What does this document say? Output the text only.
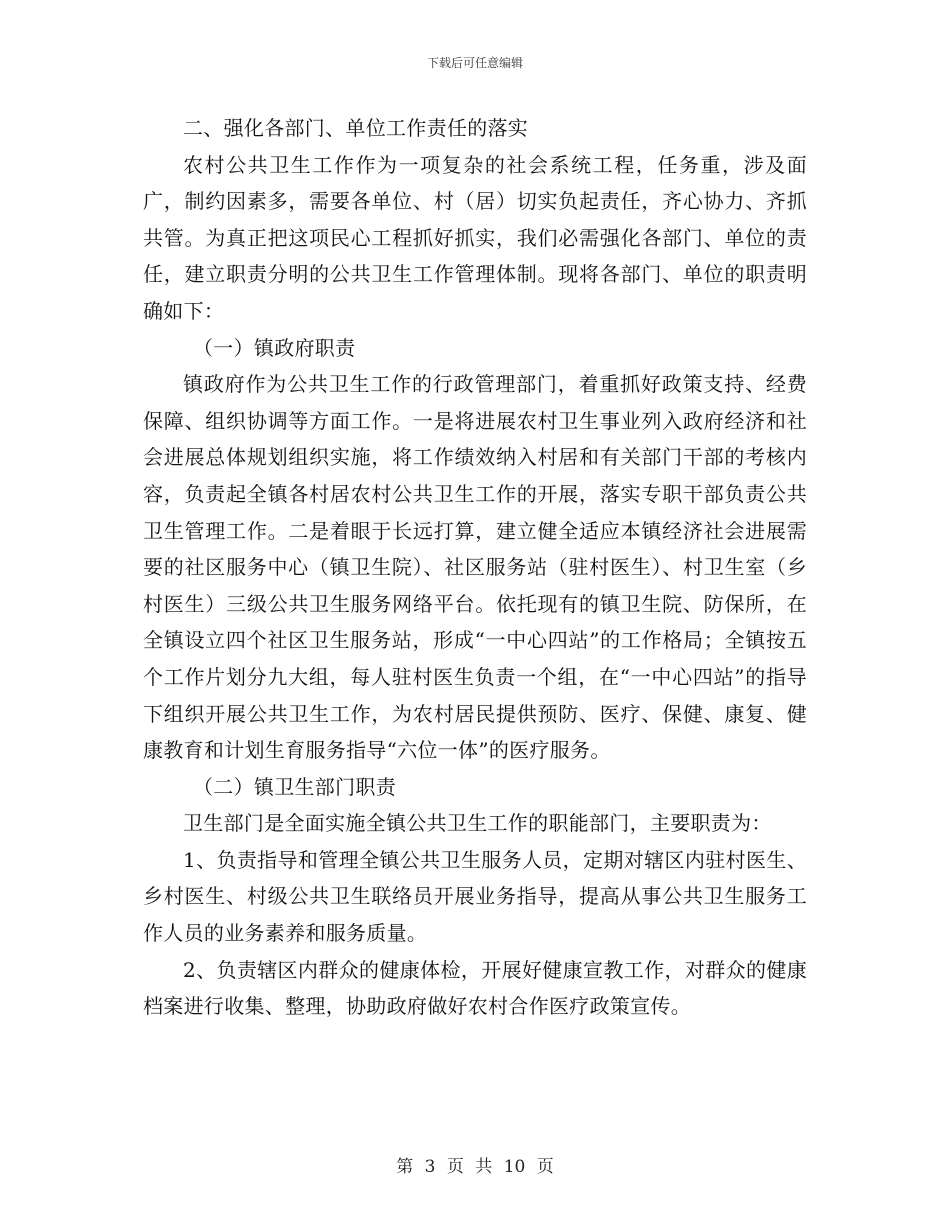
下载后可任意编辑

二、强化各部门、单位工作责任的落实

农村公共卫生工作作为一项复杂的社会系统工程，任务重，涉及面广，制约因素多，需要各单位、村（居）切实负起责任，齐心协力、齐抓共管。为真正把这项民心工程抓好抓实，我们必需强化各部门、单位的责任，建立职责分明的公共卫生工作管理体制。现将各部门、单位的职责明确如下：

（一）镇政府职责

镇政府作为公共卫生工作的行政管理部门，着重抓好政策支持、经费保障、组织协调等方面工作。一是将进展农村卫生事业列入政府经济和社会进展总体规划组织实施，将工作绩效纳入村居和有关部门干部的考核内容，负责起全镇各村居农村公共卫生工作的开展，落实专职干部负责公共卫生管理工作。二是着眼于长远打算，建立健全适应本镇经济社会进展需要的社区服务中心（镇卫生院）、社区服务站（驻村医生）、村卫生室（乡村医生）三级公共卫生服务网络平台。依托现有的镇卫生院、防保所，在全镇设立四个社区卫生服务站，形成“一中心四站”的工作格局；全镇按五个工作片划分九大组，每人驻村医生负责一个组，在“一中心四站”的指导下组织开展公共卫生工作，为农村居民提供预防、医疗、保健、康复、健康教育和计划生育服务指导“六位一体”的医疗服务。

（二）镇卫生部门职责

卫生部门是全面实施全镇公共卫生工作的职能部门，主要职责为：

1、负责指导和管理全镇公共卫生服务人员，定期对辖区内驻村医生、乡村医生、村级公共卫生联络员开展业务指导，提高从事公共卫生服务工作人员的业务素养和服务质量。

2、负责辖区内群众的健康体检，开展好健康宣教工作，对群众的健康档案进行收集、整理，协助政府做好农村合作医疗政策宣传。

第 3 页 共 10 页
